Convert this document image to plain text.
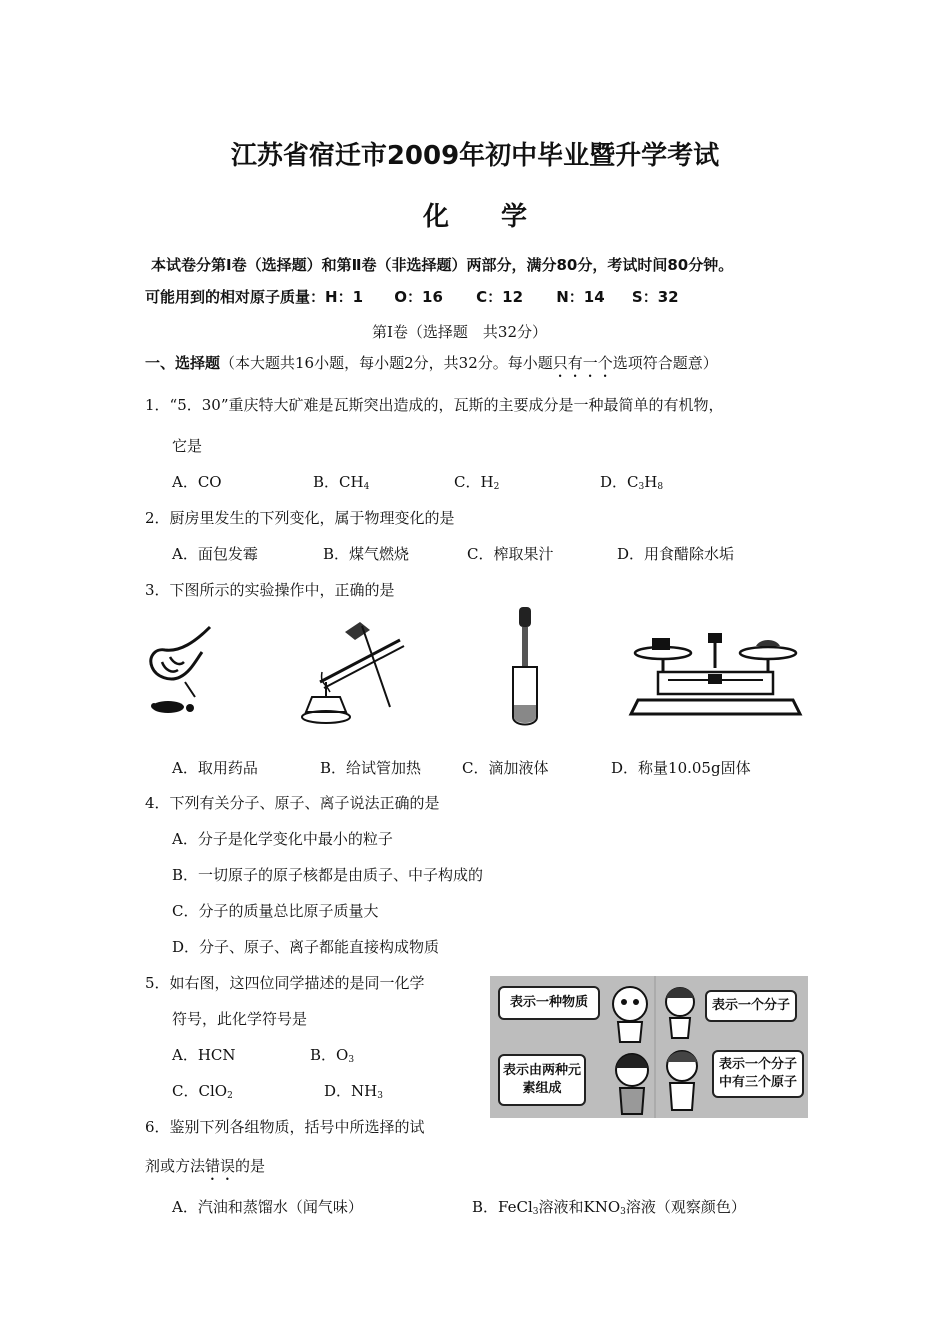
江苏省宿迁市2009年初中毕业暨升学考试
化　　学
本试卷分第Ⅰ卷（选择题）和第Ⅱ卷（非选择题）两部分，满分80分，考试时间80分钟。
可能用到的相对原子质量：H：1 O：16 C：12 N：14 S：32
第Ⅰ卷（选择题　共32分）
一、选择题（本大题共16小题，每小题2分，共32分。每小题只有一个选项符合题意）
1．“5．30”重庆特大矿难是瓦斯突出造成的，瓦斯的主要成分是一种最简单的有机物，
它是
A．CO	B．$CH_4$	C．$H_2$	D．$C_3H_8$
2．厨房里发生的下列变化，属于物理变化的是
A．面包发霉	B．煤气燃烧	C．榨取果汁	D．用食醋除水垢
3．下图所示的实验操作中，正确的是
A．取用药品	B．给试管加热	C．滴加液体	D．称量10.05g固体
4．下列有关分子、原子、离子说法正确的是
A．分子是化学变化中最小的粒子
B．一切原子的原子核都是由质子、中子构成的
C．分子的质量总比原子质量大
D．分子、原子、离子都能直接构成物质
5．如右图，这四位同学描述的是同一化学
符号，此化学符号是
A．HCN	B．$O_3$
C．ClO$_2$	D．$NH_3$
表示一种物质	表示一个分子
表示由两种元素组成
表示一个分子中有三个原子
6．鉴别下列各组物质，括号中所选择的试
剂或方法错误的是
A．汽油和蒸馏水（闻气味）	B．FeCl$_3$溶液和$KNO_3$溶液（观察颜色）
